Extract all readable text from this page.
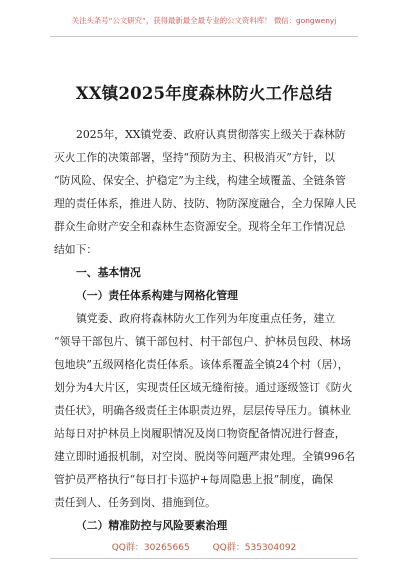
关注头条号“公文研究”，获得最新最全最专业的公文资料库！ 微信：gongwenyj
XX镇2025年度森林防火工作总结
2025年，XX镇党委、政府认真贯彻落实上级关于森林防
灭火工作的决策部署，坚持“预防为主、积极消灭”方针，以
“防风险、保安全、护稳定”为主线，构建全域覆盖、全链条管
理的责任体系，推进人防、技防、物防深度融合，全力保障人民
群众生命财产安全和森林生态资源安全。现将全年工作情况总
结如下：
一、基本情况
（一）责任体系构建与网格化管理
镇党委、政府将森林防火工作列为年度重点任务，建立
“领导干部包片、镇干部包村、村干部包户、护林员包段、林场
包地块”五级网格化责任体系。该体系覆盖全镇24个村（居），
划分为4大片区，实现责任区域无缝衔接。通过逐级签订《防火
责任状》，明确各级责任主体职责边界，层层传导压力。镇林业
站每日对护林员上岗履职情况及岗口物资配备情况进行督查，
建立即时通报机制，对空岗、脱岗等问题严肃处理。全镇996名
管护员严格执行“每日打卡巡护+每周隐患上报”制度，确保
责任到人、任务到岗、措施到位。
（二）精准防控与风险要素治理
QQ群：30265665	QQ群：535304092
